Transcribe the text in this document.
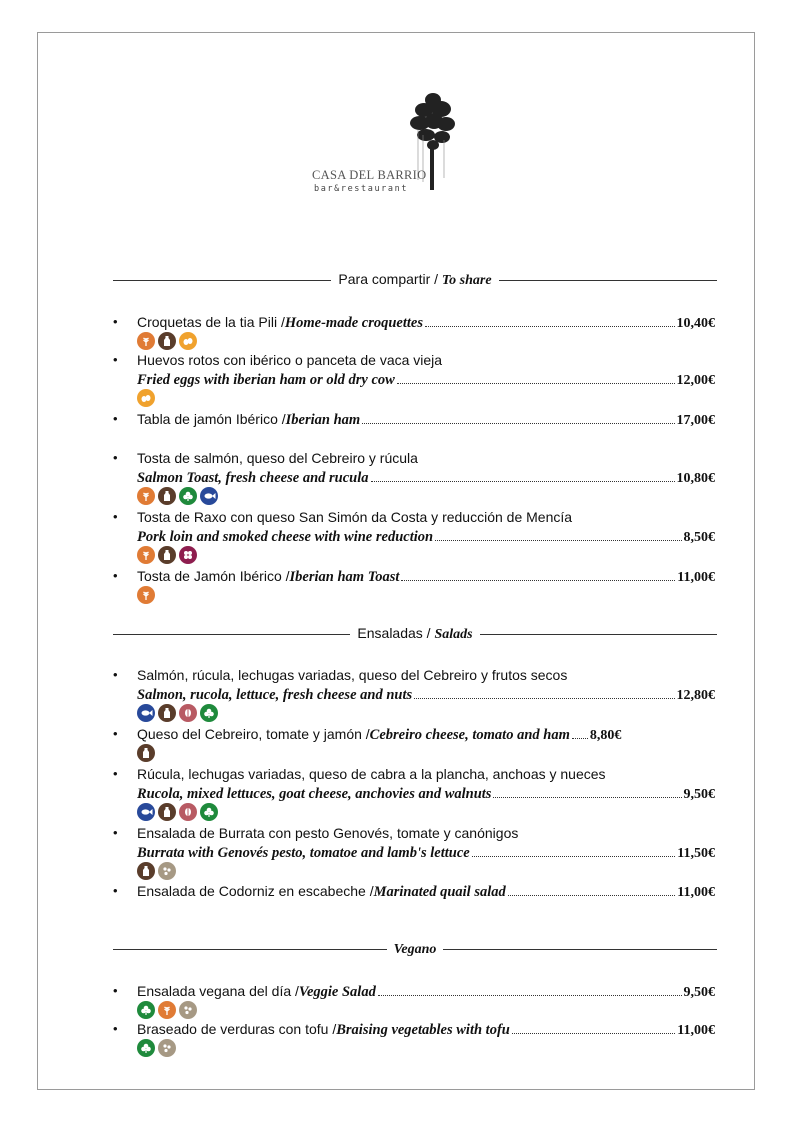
CASA DEL BARRIO
bar&restaurant
Para compartir / To share
• Croquetas de la tia Pili / Home-made croquettes	10,40€
• Huevos rotos con ibérico o panceta de vaca vieja
Fried eggs with iberian ham or old dry cow	12,00€
• Tabla de jamón Ibérico / Iberian ham	17,00€
• Tosta de salmón, queso del Cebreiro y rúcula
Salmon Toast, fresh cheese and rucula	10,80€
• Tosta de Raxo con queso San Simón da Costa y reducción de Mencía
Pork loin and smoked cheese with wine reduction	8,50€
• Tosta de Jamón Ibérico / Iberian ham Toast	11,00€
Ensaladas / Salads
• Salmón, rúcula, lechugas variadas, queso del Cebreiro y frutos secos
Salmon, rucola, lettuce, fresh cheese and nuts	12,80€
• Queso del Cebreiro, tomate y jamón / Cebreiro cheese, tomato and ham 8,80€
• Rúcula, lechugas variadas, queso de cabra a la plancha, anchoas y nueces
Rucola, mixed lettuces, goat cheese, anchovies and walnuts	9,50€
• Ensalada de Burrata con pesto Genovés, tomate y canónigos
Burrata with Genovés pesto, tomatoe and lamb's lettuce	11,50€
• Ensalada de Codorniz en escabeche / Marinated quail salad	11,00€
Vegano
• Ensalada vegana del día / Veggie Salad	9,50€
• Braseado de verduras con tofu / Braising vegetables with tofu	11,00€
